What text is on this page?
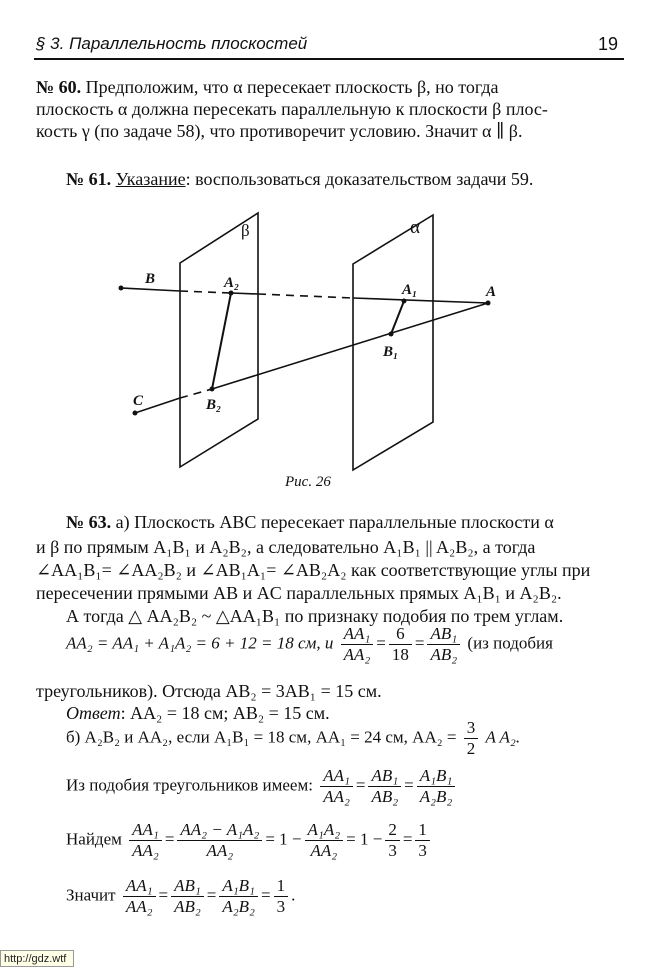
§ 3. Параллельность плоскостей	19
№ 60. Предположим, что α пересекает плоскость β, но тогда
плоскость α должна пересекать параллельную к плоскости β плос-
кость γ (по задаче 58), что противоречит условию. Значит α ∥ β.
№ 61. Указание: воспользоваться доказательством задачи 59.
β	α
B	A₂	A₁	A
B₁
C	B₂
Рис. 26
№ 63. а) Плоскость ABC пересекает параллельные плоскости α
и β по прямым A₁B₁ и A₂B₂, а следовательно A₁B₁ || A₂B₂, а тогда
∠AA₁B₁= ∠AA₂B₂ и ∠AB₁A₁= ∠AB₂A₂ как соответствующие углы при
пересечении прямыми AB и AC параллельных прямых A₁B₁ и A₂B₂.
А тогда △ AA₂B₂ ~ △AA₁B₁ по признаку подобия по трем углам.
AA₂ = AA₁ + A₁A₂ = 6 + 12 = 18 см, и $\frac{\text{AA₁}}{\text{AA₂}} = \frac{6}{18} = \frac{\text{AB₁}}{\text{AB₂}} (из$ подобия
треугольников). Отсюда AB₂ = 3AB₁ = 15 см.
Ответ: AA₂ = 18 см; AB₂ = 15 см.
б) A₂B₂ и AA₂, если A₁B₁ = 18 см, AA₁ = 24 см, $AA_2 = \frac{3}{2}$ A A₂.
Из подобия треугольников имеем: $\frac{\text{AA₁}}{\text{AA₂}} = \frac{\text{AB₁}}{\text{AB₂}} = \frac{\text{A₁B₁}}{\text{A₂B₂}}$
Найдем $\frac{\text{AA₁}}{\text{AA₂}} = \frac{\text{AA₂ − A₁A₂}}{\text{AA₂}} = 1 - \frac{\text{A₁A₂}}{\text{AA₂}} = 1 - \frac{2}{3} = \frac{1}{3}$
Значит $\frac{\text{AA₁}}{\text{AA₂}} = \frac{\text{AB₁}}{\text{AB₂}} = \frac{\text{A₁B₁}}{\text{A₂B₂}} = \frac{1}{3}$ .
http://gdz.wtf
